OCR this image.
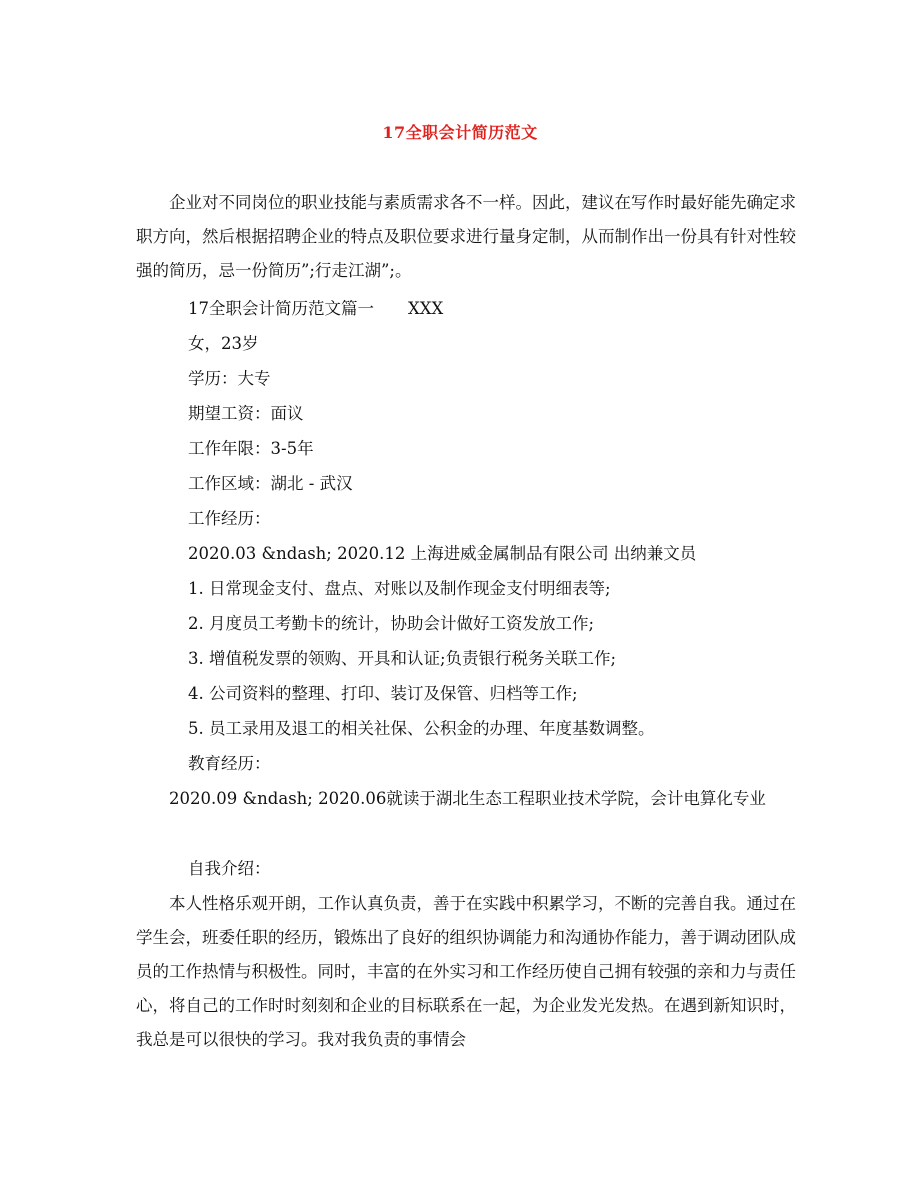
17全职会计简历范文

企业对不同岗位的职业技能与素质需求各不一样。因此，建议在写作时最好能先确定求职方向，然后根据招聘企业的特点及职位要求进行量身定制，从而制作出一份具有针对性较强的简历，忌一份简历”;行走江湖”;。

17全职会计简历范文篇一 XXX
女，23岁
学历：大专
期望工资：面议
工作年限：3-5年
工作区域：湖北 - 武汉
工作经历：
2020.03 &ndash; 2020.12 上海进威金属制品有限公司 出纳兼文员
1. 日常现金支付、盘点、对账以及制作现金支付明细表等;
2. 月度员工考勤卡的统计，协助会计做好工资发放工作;
3. 增值税发票的领购、开具和认证;负责银行税务关联工作;
4. 公司资料的整理、打印、装订及保管、归档等工作;
5. 员工录用及退工的相关社保、公积金的办理、年度基数调整。
教育经历：

2020.09 &ndash; 2020.06就读于湖北生态工程职业技术学院，会计电算化专业

自我介绍：

本人性格乐观开朗，工作认真负责，善于在实践中积累学习，不断的完善自我。通过在学生会，班委任职的经历，锻炼出了良好的组织协调能力和沟通协作能力，善于调动团队成员的工作热情与积极性。同时，丰富的在外实习和工作经历使自己拥有较强的亲和力与责任心，将自己的工作时时刻刻和企业的目标联系在一起，为企业发光发热。在遇到新知识时，我总是可以很快的学习。我对我负责的事情会
